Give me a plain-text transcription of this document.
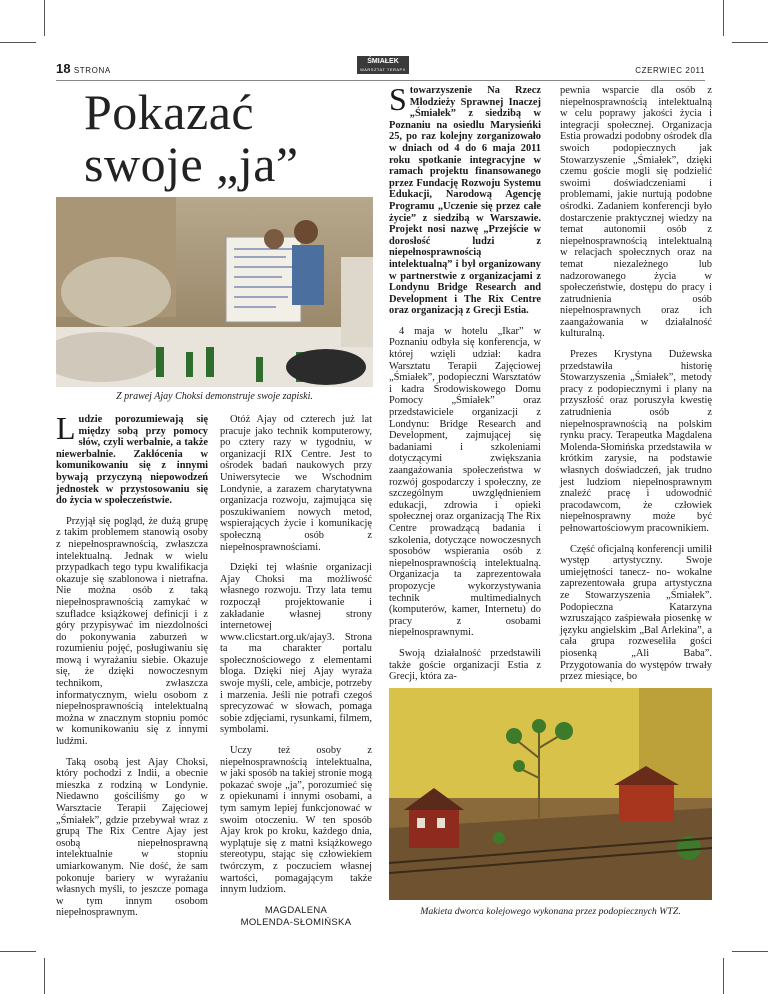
18 STRONA
ŚMIAŁEK
WARSZTAT TERAPII	CZERWIEC 2011
Pokazać
swoje „ja”
Z prawej Ajay Choksi demonstruje swoje zapiski.

Ludzie porozumiewają się między sobą przy pomocy słów, czyli werbalnie, a także niewerbalnie. Zakłócenia w komunikowaniu się z innymi bywają przyczyną niepowodzeń jednostek w przystosowaniu się do życia w społeczeństwie.

Przyjął się pogląd, że dużą grupę z takim problemem stanowią osoby z niepełnosprawnością, zwłaszcza intelektualną. Jednak w wielu przypadkach tego typu kwalifikacja okazuje się szablonowa i nietrafna. Nie można osób z taką niepełnosprawnością zamykać w szufladce książkowej definicji i z góry przypisywać im niezdolności do pokonywania zaburzeń w rozumieniu pojęć, posługiwaniu się mową i wyrażaniu siebie. Okazuje się, że dzięki nowoczesnym technikom, zwłaszcza informatycznym, wielu osobom z niepełnosprawnością intelektualną można w znacznym stopniu pomóc w komunikowaniu się z innymi ludźmi.

Taką osobą jest Ajay Choksi, który pochodzi z Indii, a obecnie mieszka z rodziną w Londynie. Niedawno gościliśmy go w Warsztacie Terapii Zajęciowej „Śmiałek”, gdzie przebywał wraz z grupą The Rix Centre Ajay jest osobą niepełnosprawną intelektualnie w stopniu umiarkowanym. Nie dość, że sam pokonuje bariery w wyrażaniu własnych myśli, to jeszcze pomaga w tym innym osobom niepełnosprawnym.

Otóż Ajay od czterech już lat pracuje jako technik komputerowy, po cztery razy w tygodniu, w organizacji RIX Centre. Jest to ośrodek badań naukowych przy Uniwersytecie we Wschodnim Londynie, a zarazem charytatywna organizacja rozwoju, zajmująca się poszukiwaniem nowych metod, wspierających życie i komunikację społeczną osób z niepełnosprawnościami.

Dzięki tej właśnie organizacji Ajay Choksi ma możliwość własnego rozwoju. Trzy lata temu rozpoczął projektowanie i zakładanie własnej strony internetowej www.clicstart.org.uk/ajay3. Strona ta ma charakter portalu społecznościowego z elementami bloga. Dzięki niej Ajay wyraża swoje myśli, cele, ambicje, potrzeby i marzenia. Jeśli nie potrafi czegoś sprecyzować w słowach, pomaga sobie zdjęciami, rysunkami, filmem, symbolami.

Uczy też osoby z niepełnosprawnością intelektualna, w jaki sposób na takiej stronie mogą pokazać swoje „ja”, porozumieć się z opiekunami i innymi osobami, a tym samym lepiej funkcjonować w swoim otoczeniu. W ten sposób Ajay krok po kroku, każdego dnia, wyplątuje się z matni książkowego stereotypu, stając się człowiekiem twórczym, z poczuciem własnej wartości, pomagającym także innym ludziom.

MAGDALENA
MOLENDA-SŁOMIŃSKA

Stowarzyszenie Na Rzecz Młodzieży Sprawnej Inaczej „Śmiałek” z siedzibą w Poznaniu na osiedlu Marysieńki 25, po raz kolejny zorganizowało w dniach od 4 do 6 maja 2011 roku spotkanie integracyjne w ramach projektu finansowanego przez Fundację Rozwoju Systemu Edukacji, Narodową Agencję Programu „Uczenie się przez całe życie” z siedzibą w Warszawie. Projekt nosi nazwę „Przejście w dorosłość ludzi z niepełnosprawnością intelektualną” i był organizowany w partnerstwie z organizacjami z Londynu Bridge Research and Development i The Rix Centre oraz organizacją z Grecji Estia.

4 maja w hotelu „Ikar” w Poznaniu odbyła się konferencja, w której wzięli udział: kadra Warsztatu Terapii Zajęciowej „Śmiałek”, podopieczni Warsztatów i kadra Środowiskowego Domu Pomocy „Śmiałek” oraz przedstawiciele organizacji z Londynu: Bridge Research and Development, zajmującej się badaniami i szkoleniami dotyczącymi zwiększania zaangażowania społeczeństwa w rozwój gospodarczy i społeczny, ze szczególnym uwzględnieniem edukacji, zdrowia i opieki społecznej oraz organizacją The Rix Centre prowadzącą badania i szkolenia, dotyczące nowoczesnych sposobów wspierania osób z niepełnosprawnością intelektualną. Organizacja ta zaprezentowała propozycje wykorzystywania technik multimedialnych (komputerów, kamer, Internetu) do pracy z osobami niepełnosprawnymi.

Swoją działalność przedstawili także goście organizacji Estia z Grecji, która za-

pewnia wsparcie dla osób z niepełnosprawnością intelektualną w celu poprawy jakości życia i integracji społecznej. Organizacja Estia prowadzi podobny ośrodek dla swoich podopiecznych jak Stowarzyszenie „Śmiałek”, dzięki czemu goście mogli się podzielić swoimi doświadczeniami i problemami, jakie nurtują podobne ośrodki. Zadaniem konferencji było dostarczenie praktycznej wiedzy na temat autonomii osób z niepełnosprawnością intelektualną w relacjach społecznych oraz na temat niezależnego lub nadzorowanego życia w społeczeństwie, dostępu do pracy i zatrudnienia osób niepełnosprawnych oraz ich zaangażowania w działalność kulturalną.

Prezes Krystyna Dużewska przedstawiła historię Stowarzyszenia „Śmiałek”, metody pracy z podopiecznymi i plany na przyszłość oraz poruszyła kwestię zatrudnienia osób z niepełnosprawnością na polskim rynku pracy. Terapeutka Magdalena Molenda-Słomińska przedstawiła w krótkim zarysie, na podstawie własnych doświadczeń, jak trudno jest ludziom niepełnosprawnym znaleźć pracę i udowodnić pracodawcom, że człowiek niepełnosprawny może być pełnowartościowym pracownikiem.

Część oficjalną konferencji umilił występ artystyczny. Swoje umiejętności tanecz- no- wokalne zaprezentowała grupa artystyczna ze Stowarzyszenia „Śmiałek”. Podopieczna Katarzyna wzruszająco zaśpiewała piosenkę w języku angielskim „Bal Arlekina”, a cała grupa rozweseliła gości piosenką „Ali Baba”. Przygotowania do występów trwały przez miesiące, bo

Makieta dworca kolejowego wykonana przez podopiecznych WTZ.
